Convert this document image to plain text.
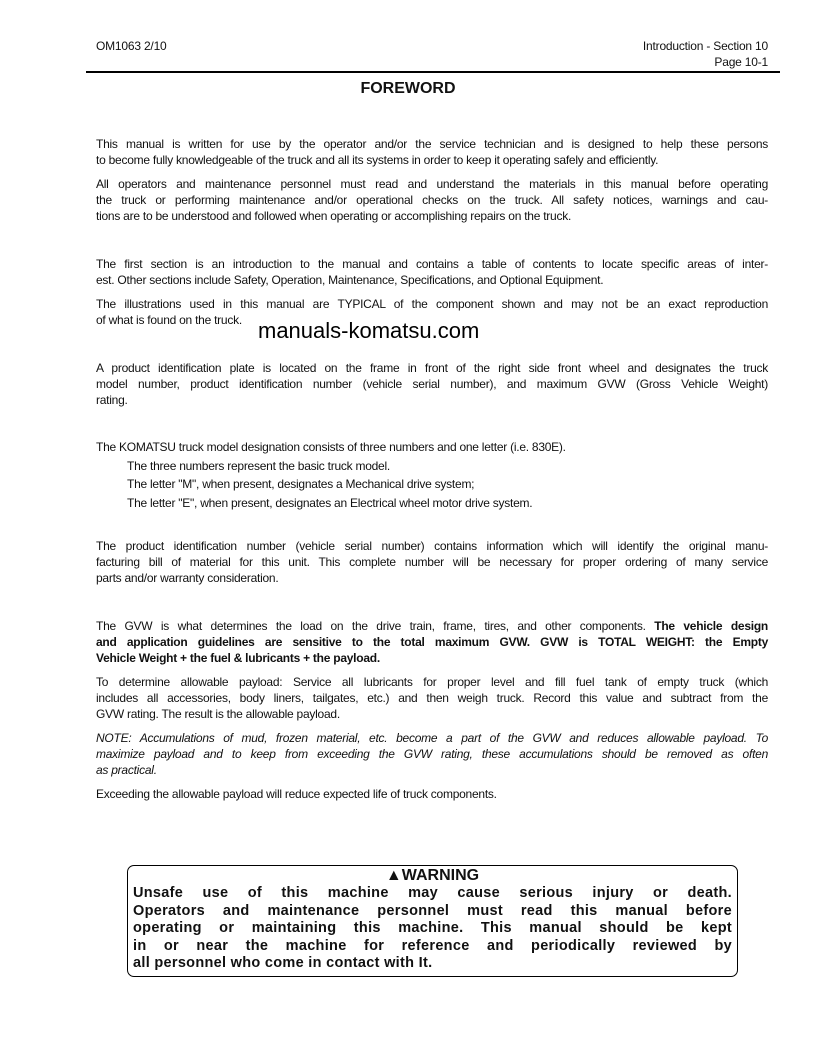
OM1063 2/10	Introduction - Section 10
Page 10-1
FOREWORD
This manual is written for use by the operator and/or the service technician and is designed to help these persons
to become fully knowledgeable of the truck and all its systems in order to keep it operating safely and efficiently.
All operators and maintenance personnel must read and understand the materials in this manual before operating
the truck or performing maintenance and/or operational checks on the truck. All safety notices, warnings and cau-
tions are to be understood and followed when operating or accomplishing repairs on the truck.
The first section is an introduction to the manual and contains a table of contents to locate specific areas of inter-
est. Other sections include Safety, Operation, Maintenance, Specifications, and Optional Equipment.
The illustrations used in this manual are TYPICAL of the component shown and may not be an exact reproduction
of what is found on the truck. manuals-komatsu.com
A product identification plate is located on the frame in front of the right side front wheel and designates the truck
model number, product identification number (vehicle serial number), and maximum GVW (Gross Vehicle Weight)
rating.
The KOMATSU truck model designation consists of three numbers and one letter (i.e. 830E).
The three numbers represent the basic truck model.
The letter "M", when present, designates a Mechanical drive system;
The letter "E", when present, designates an Electrical wheel motor drive system.
The product identification number (vehicle serial number) contains information which will identify the original manu-
facturing bill of material for this unit. This complete number will be necessary for proper ordering of many service
parts and/or warranty consideration.
The GVW is what determines the load on the drive train, frame, tires, and other components. The vehicle design
and application guidelines are sensitive to the total maximum GVW. GVW is TOTAL WEIGHT: the Empty
Vehicle Weight + the fuel & lubricants + the payload.
To determine allowable payload: Service all lubricants for proper level and fill fuel tank of empty truck (which
includes all accessories, body liners, tailgates, etc.) and then weigh truck. Record this value and subtract from the
GVW rating. The result is the allowable payload.
NOTE: Accumulations of mud, frozen material, etc. become a part of the GVW and reduces allowable payload. To
maximize payload and to keep from exceeding the GVW rating, these accumulations should be removed as often
as practical.
Exceeding the allowable payload will reduce expected life of truck components.
▲WARNING
Unsafe use of this machine may cause serious injury or death.
Operators and maintenance personnel must read this manual before
operating or maintaining this machine. This manual should be kept
in or near the machine for reference and periodically reviewed by
all personnel who come in contact with It.
